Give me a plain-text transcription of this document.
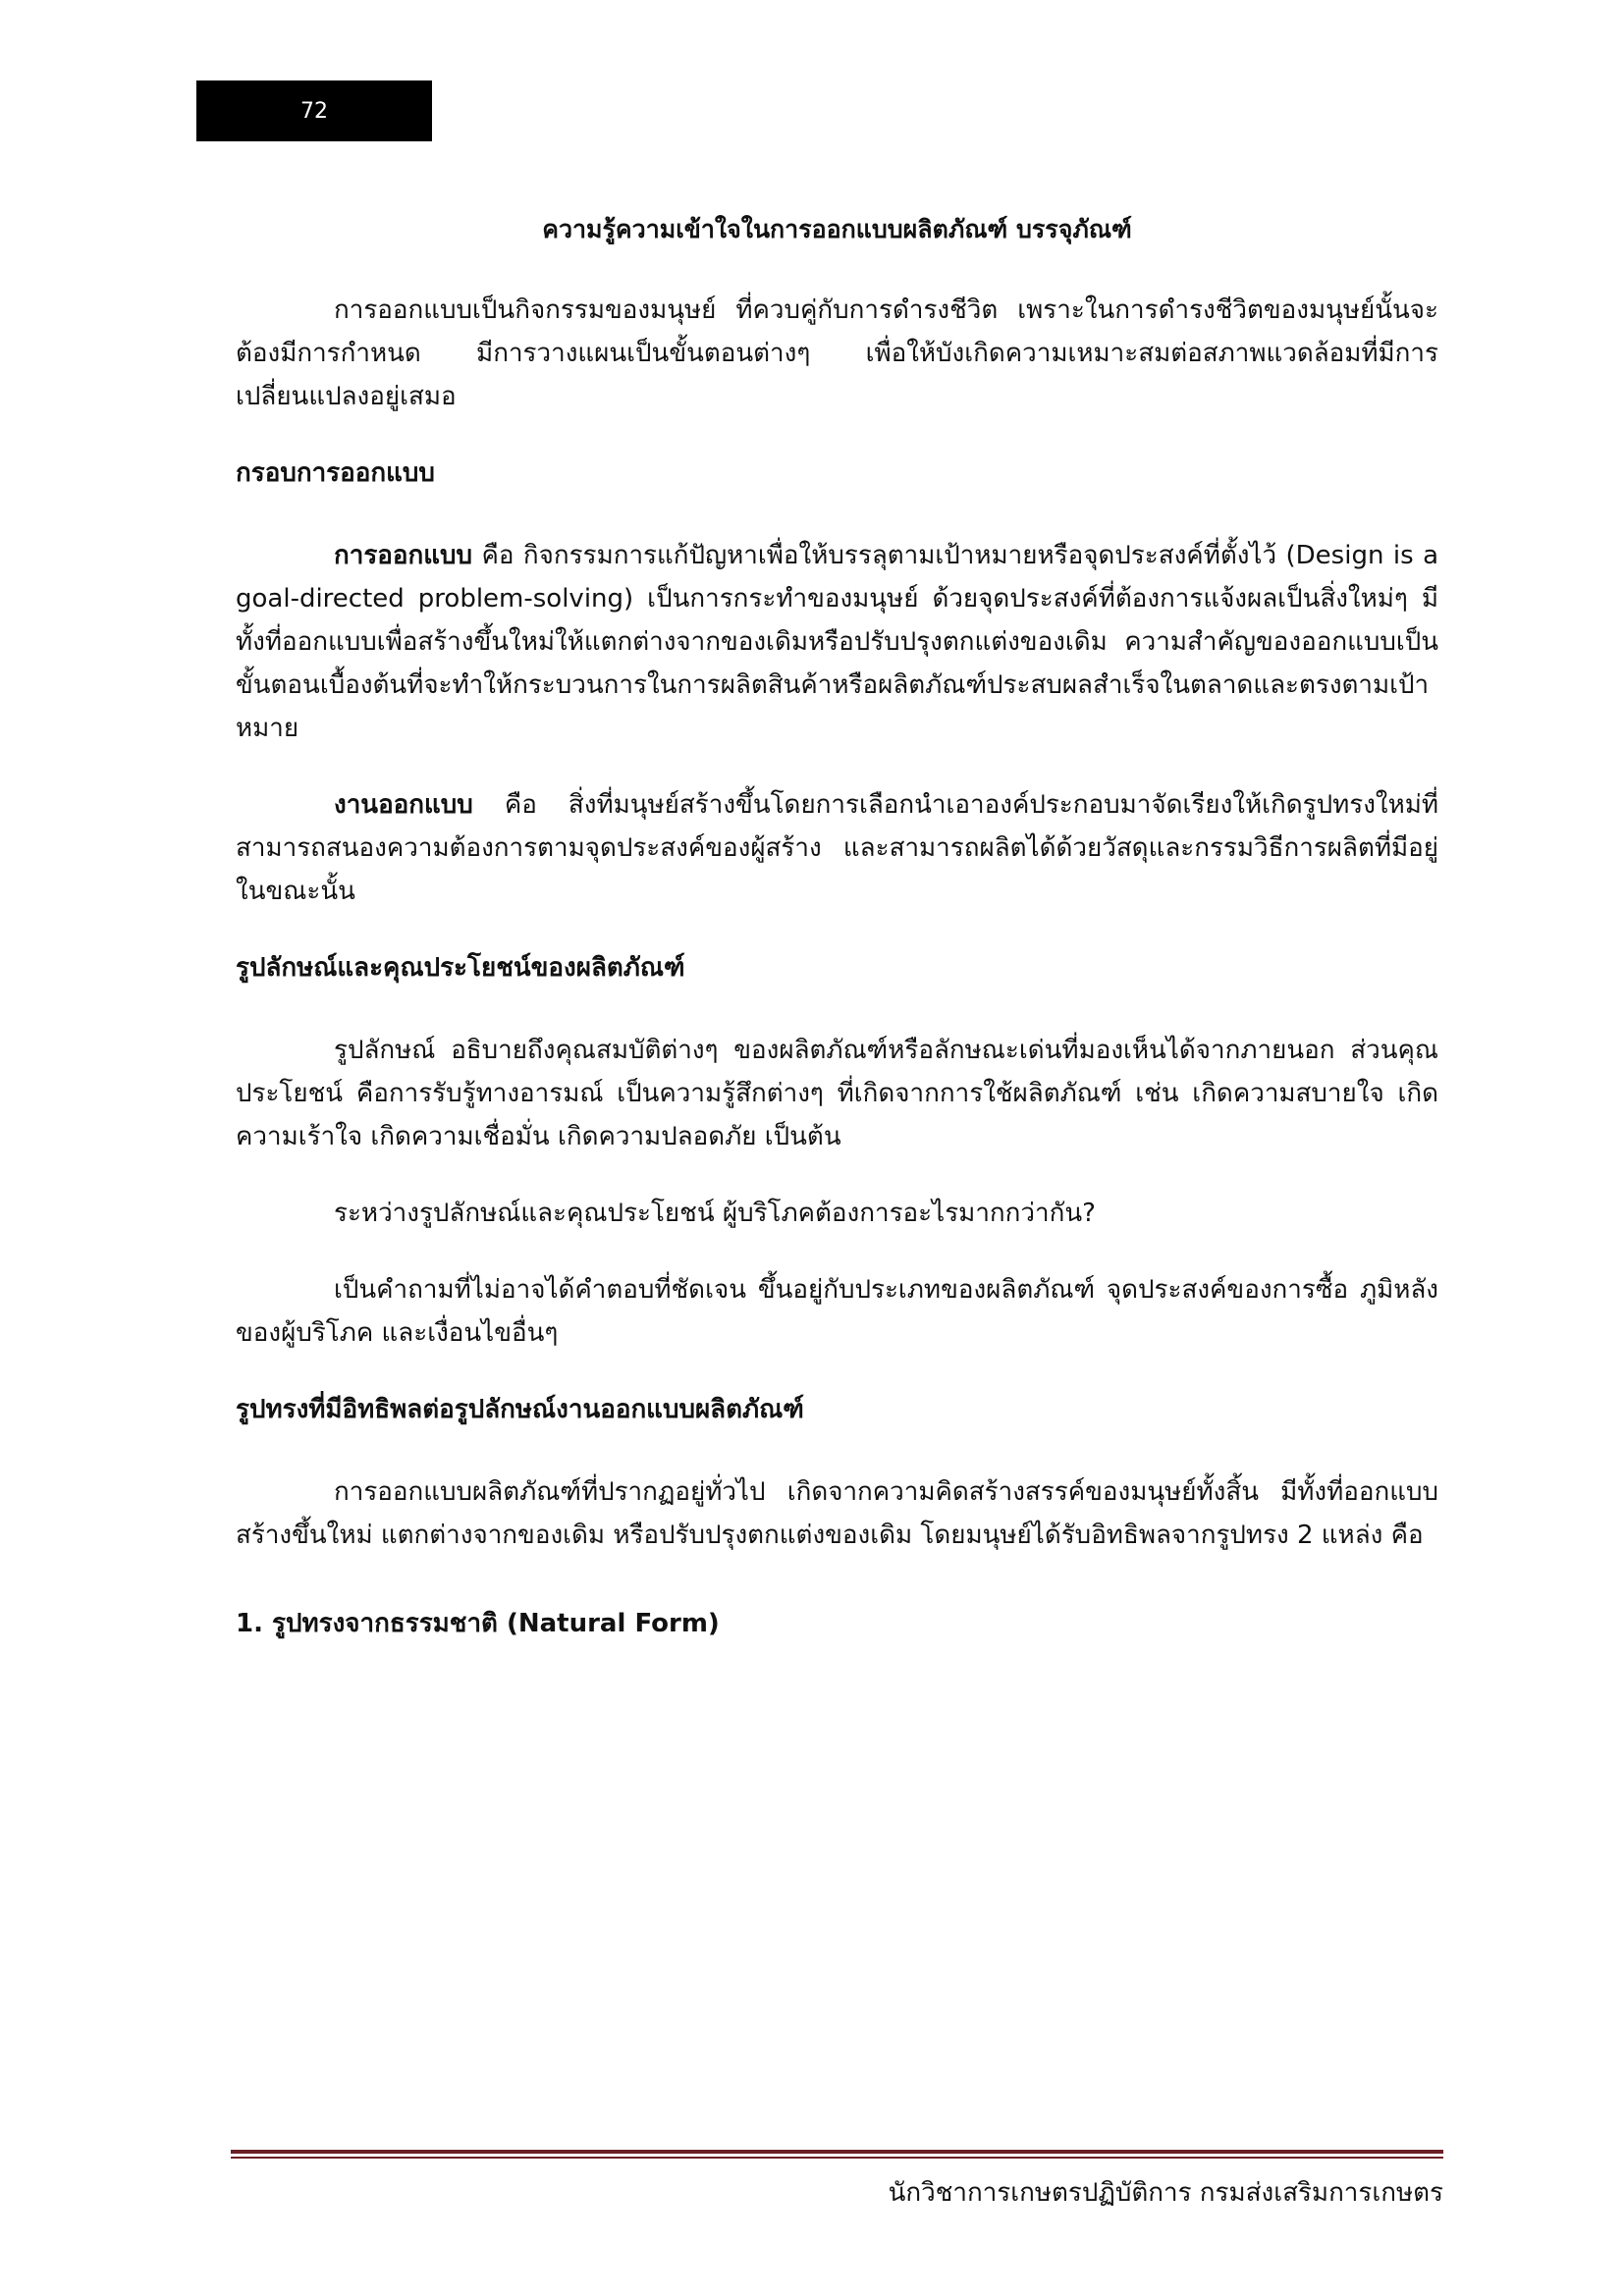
72

ความรู้ความเข้าใจในการออกแบบผลิตภัณฑ์ บรรจุภัณฑ์

การออกแบบเป็นกิจกรรมของมนุษย์ ที่ควบคู่กับการดำรงชีวิต เพราะในการดำรงชีวิตของมนุษย์นั้นจะต้องมีการกำหนด มีการวางแผนเป็นขั้นตอนต่างๆ เพื่อให้บังเกิดความเหมาะสมต่อสภาพแวดล้อมที่มีการเปลี่ยนแปลงอยู่เสมอ

กรอบการออกแบบ

การออกแบบ คือ กิจกรรมการแก้ปัญหาเพื่อให้บรรลุตามเป้าหมายหรือจุดประสงค์ที่ตั้งไว้ (Design is a goal-directed problem-solving) เป็นการกระทำของมนุษย์ ด้วยจุดประสงค์ที่ต้องการแจ้งผลเป็นสิ่งใหม่ๆ มีทั้งที่ออกแบบเพื่อสร้างขึ้นใหม่ให้แตกต่างจากของเดิมหรือปรับปรุงตกแต่งของเดิม ความสำคัญของออกแบบเป็นขั้นตอนเบื้องต้นที่จะทำให้กระบวนการในการผลิตสินค้าหรือผลิตภัณฑ์ประสบผลสำเร็จในตลาดและตรงตามเป้าหมาย

งานออกแบบ คือ สิ่งที่มนุษย์สร้างขึ้นโดยการเลือกนำเอาองค์ประกอบมาจัดเรียงให้เกิดรูปทรงใหม่ที่สามารถสนองความต้องการตามจุดประสงค์ของผู้สร้าง และสามารถผลิตได้ด้วยวัสดุและกรรมวิธีการผลิตที่มีอยู่ในขณะนั้น

รูปลักษณ์และคุณประโยชน์ของผลิตภัณฑ์

รูปลักษณ์ อธิบายถึงคุณสมบัติต่างๆ ของผลิตภัณฑ์หรือลักษณะเด่นที่มองเห็นได้จากภายนอก ส่วนคุณประโยชน์ คือการรับรู้ทางอารมณ์ เป็นความรู้สึกต่างๆ ที่เกิดจากการใช้ผลิตภัณฑ์ เช่น เกิดความสบายใจ เกิดความเร้าใจ เกิดความเชื่อมั่น เกิดความปลอดภัย เป็นต้น

ระหว่างรูปลักษณ์และคุณประโยชน์ ผู้บริโภคต้องการอะไรมากกว่ากัน?

เป็นคำถามที่ไม่อาจได้คำตอบที่ชัดเจน ขึ้นอยู่กับประเภทของผลิตภัณฑ์ จุดประสงค์ของการซื้อ ภูมิหลังของผู้บริโภค และเงื่อนไขอื่นๆ

รูปทรงที่มีอิทธิพลต่อรูปลักษณ์งานออกแบบผลิตภัณฑ์

การออกแบบผลิตภัณฑ์ที่ปรากฏอยู่ทั่วไป เกิดจากความคิดสร้างสรรค์ของมนุษย์ทั้งสิ้น มีทั้งที่ออกแบบสร้างขึ้นใหม่ แตกต่างจากของเดิม หรือปรับปรุงตกแต่งของเดิม โดยมนุษย์ได้รับอิทธิพลจากรูปทรง 2 แหล่ง คือ

1. รูปทรงจากธรรมชาติ (Natural Form)

นักวิชาการเกษตรปฏิบัติการ กรมส่งเสริมการเกษตร
